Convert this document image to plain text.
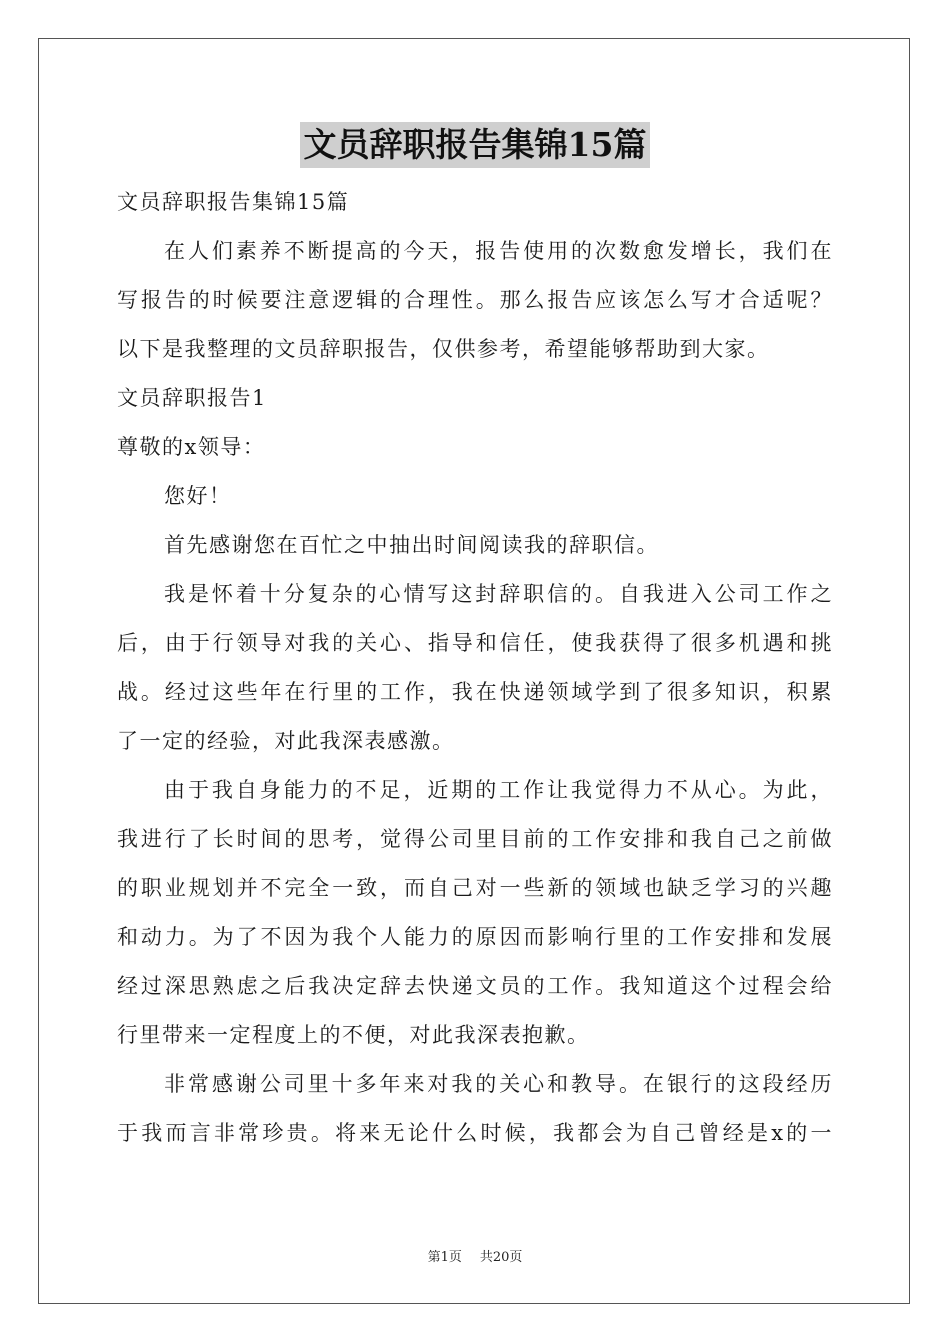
文员辞职报告集锦15篇
文员辞职报告集锦15篇
在人们素养不断提高的今天，报告使用的次数愈发增长，我们在
写报告的时候要注意逻辑的合理性。那么报告应该怎么写才合适呢？
以下是我整理的文员辞职报告，仅供参考，希望能够帮助到大家。
文员辞职报告1
尊敬的x领导：
您好！
首先感谢您在百忙之中抽出时间阅读我的辞职信。
我是怀着十分复杂的心情写这封辞职信的。自我进入公司工作之
后，由于行领导对我的关心、指导和信任，使我获得了很多机遇和挑
战。经过这些年在行里的工作，我在快递领域学到了很多知识，积累
了一定的经验，对此我深表感激。
由于我自身能力的不足，近期的工作让我觉得力不从心。为此，
我进行了长时间的思考，觉得公司里目前的工作安排和我自己之前做
的职业规划并不完全一致，而自己对一些新的领域也缺乏学习的兴趣
和动力。为了不因为我个人能力的原因而影响行里的工作安排和发展
经过深思熟虑之后我决定辞去快递文员的工作。我知道这个过程会给
行里带来一定程度上的不便，对此我深表抱歉。
非常感谢公司里十多年来对我的关心和教导。在银行的这段经历
于我而言非常珍贵。将来无论什么时候，我都会为自己曾经是x的一
第1页 共20页
